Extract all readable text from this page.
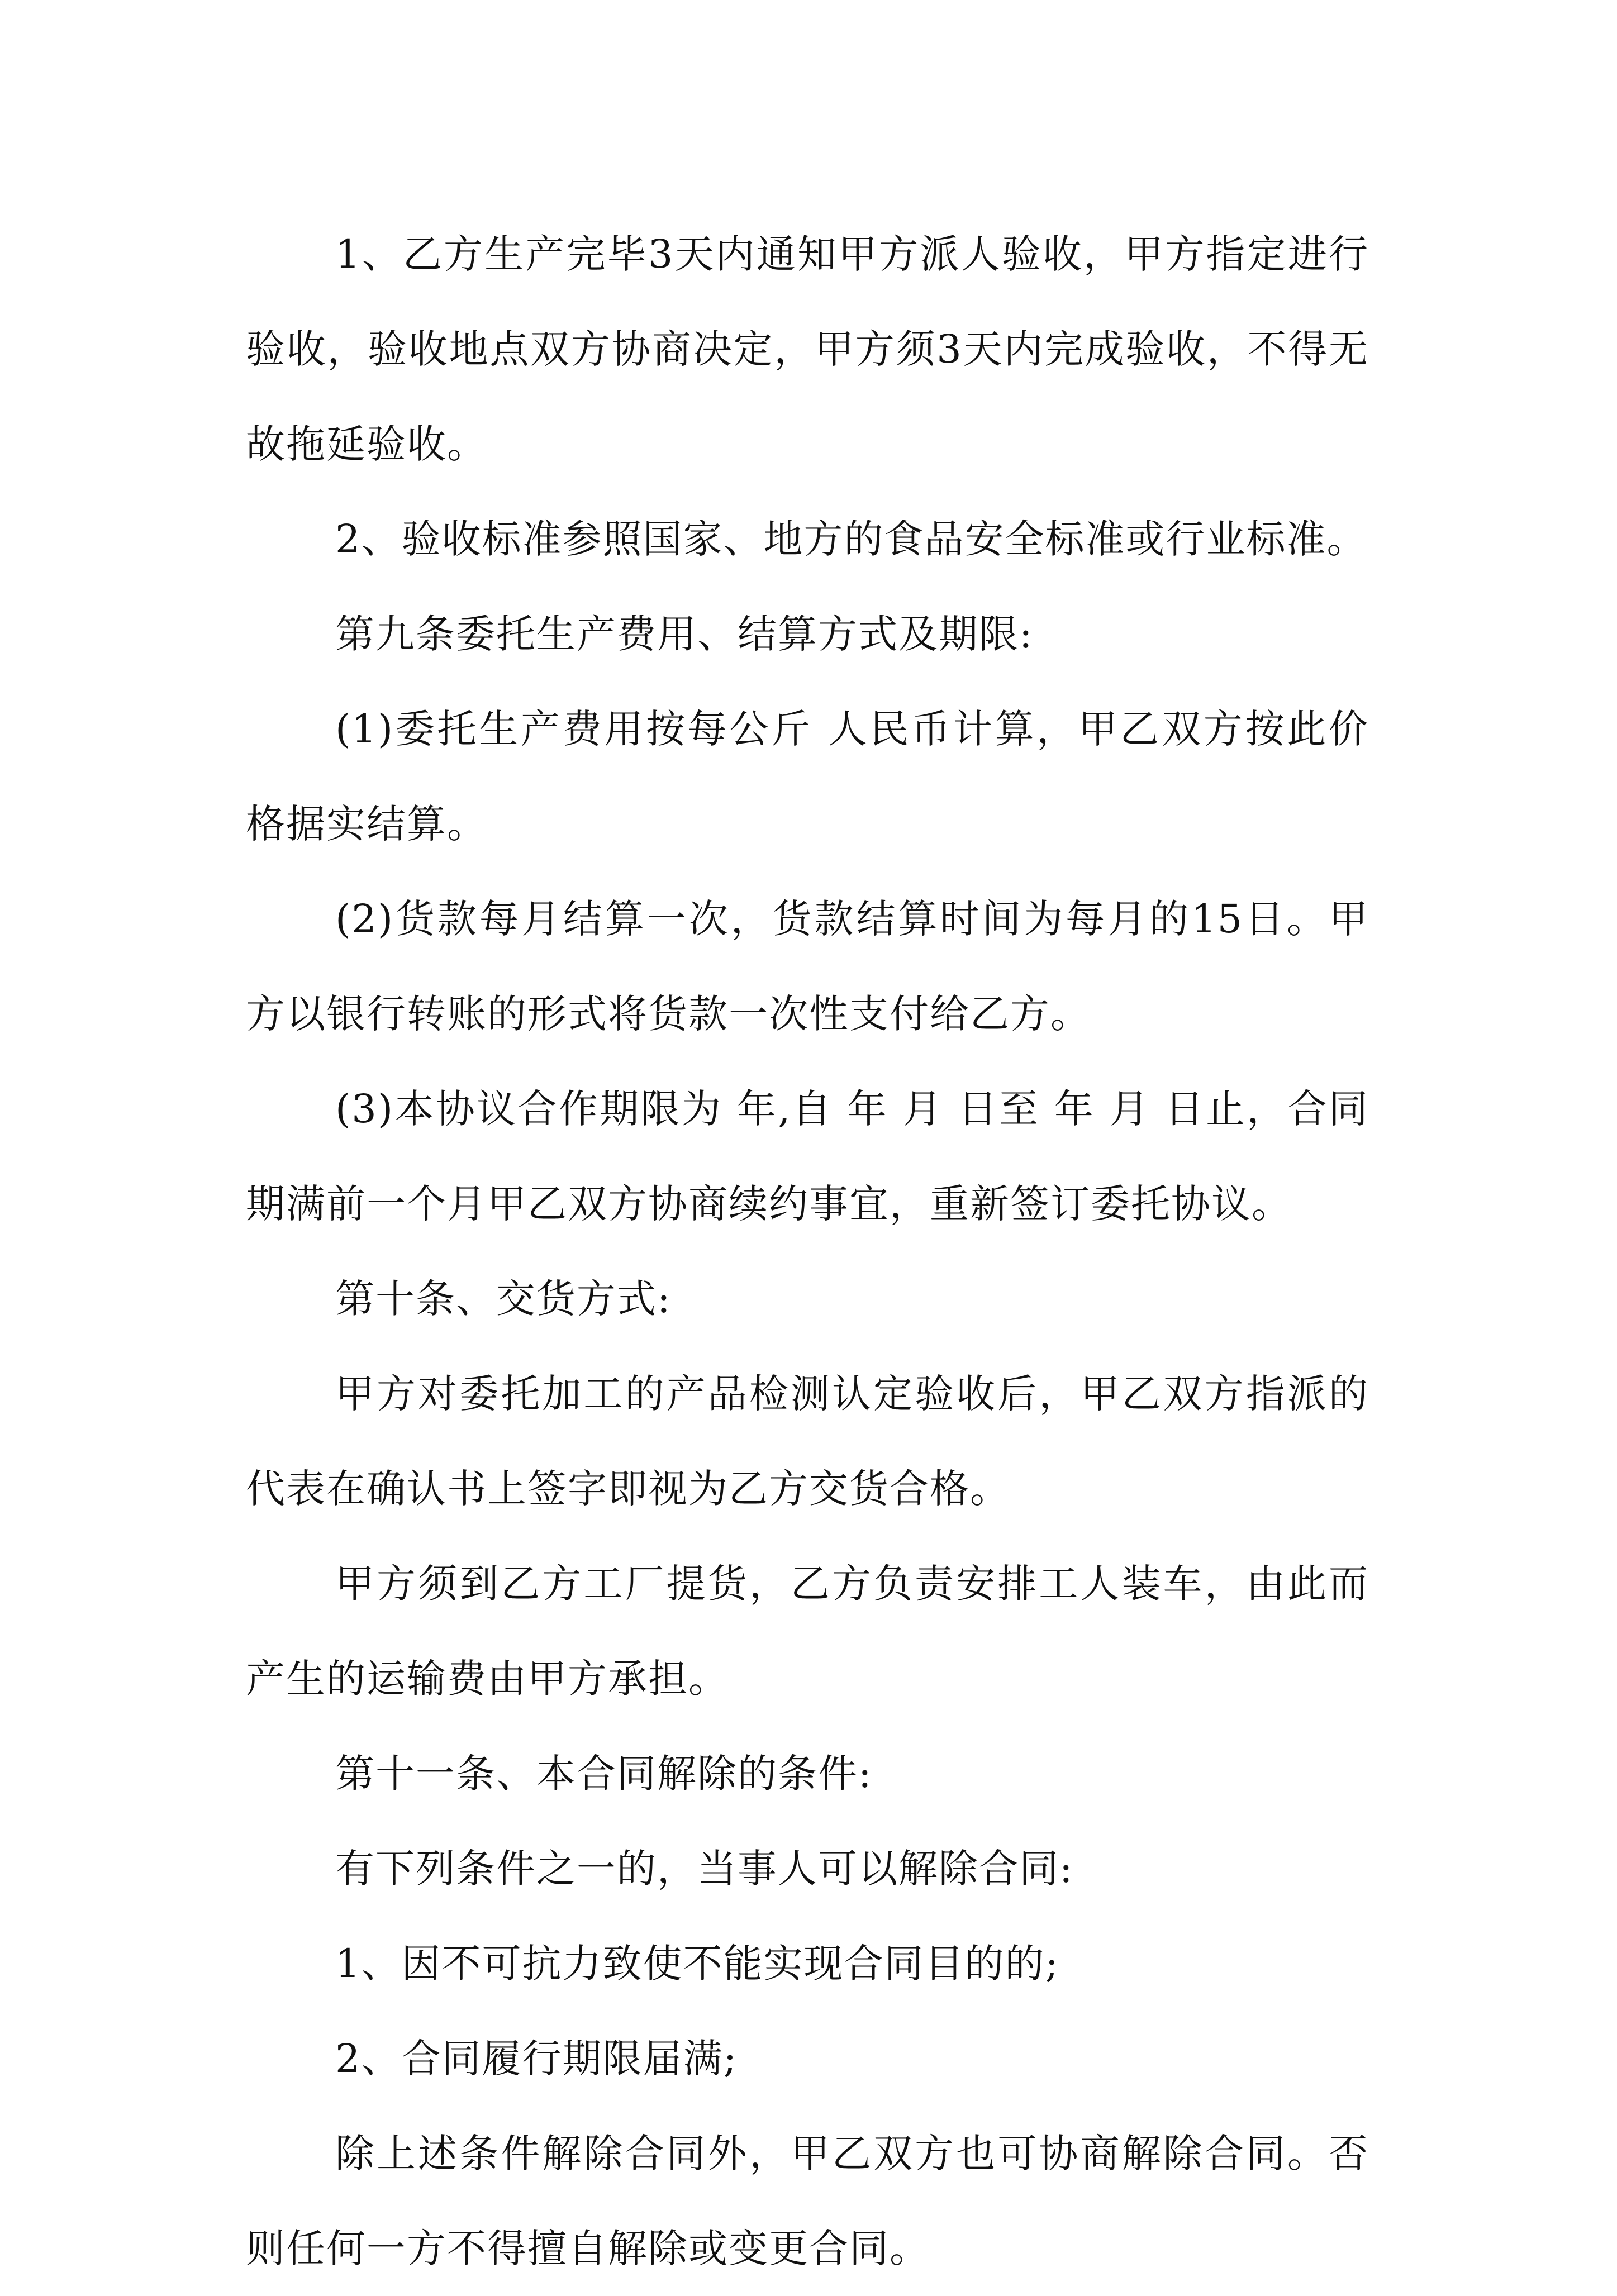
1、乙方生产完毕3天内通知甲方派人验收，甲方指定进行验收，验收地点双方协商决定，甲方须3天内完成验收，不得无故拖延验收。

2、验收标准参照国家、地方的食品安全标准或行业标准。

第九条委托生产费用、结算方式及期限:

(1)委托生产费用按每公斤 人民币计算，甲乙双方按此价格据实结算。

(2)货款每月结算一次，货款结算时间为每月的15日。甲方以银行转账的形式将货款一次性支付给乙方。

(3)本协议合作期限为 年,自 年 月 日至 年 月 日止，合同期满前一个月甲乙双方协商续约事宜，重新签订委托协议。

第十条、交货方式:

甲方对委托加工的产品检测认定验收后，甲乙双方指派的代表在确认书上签字即视为乙方交货合格。

甲方须到乙方工厂提货，乙方负责安排工人装车，由此而产生的运输费由甲方承担。

第十一条、本合同解除的条件:

有下列条件之一的，当事人可以解除合同:

1、因不可抗力致使不能实现合同目的的;

2、合同履行期限届满;

除上述条件解除合同外，甲乙双方也可协商解除合同。否则任何一方不得擅自解除或变更合同。
